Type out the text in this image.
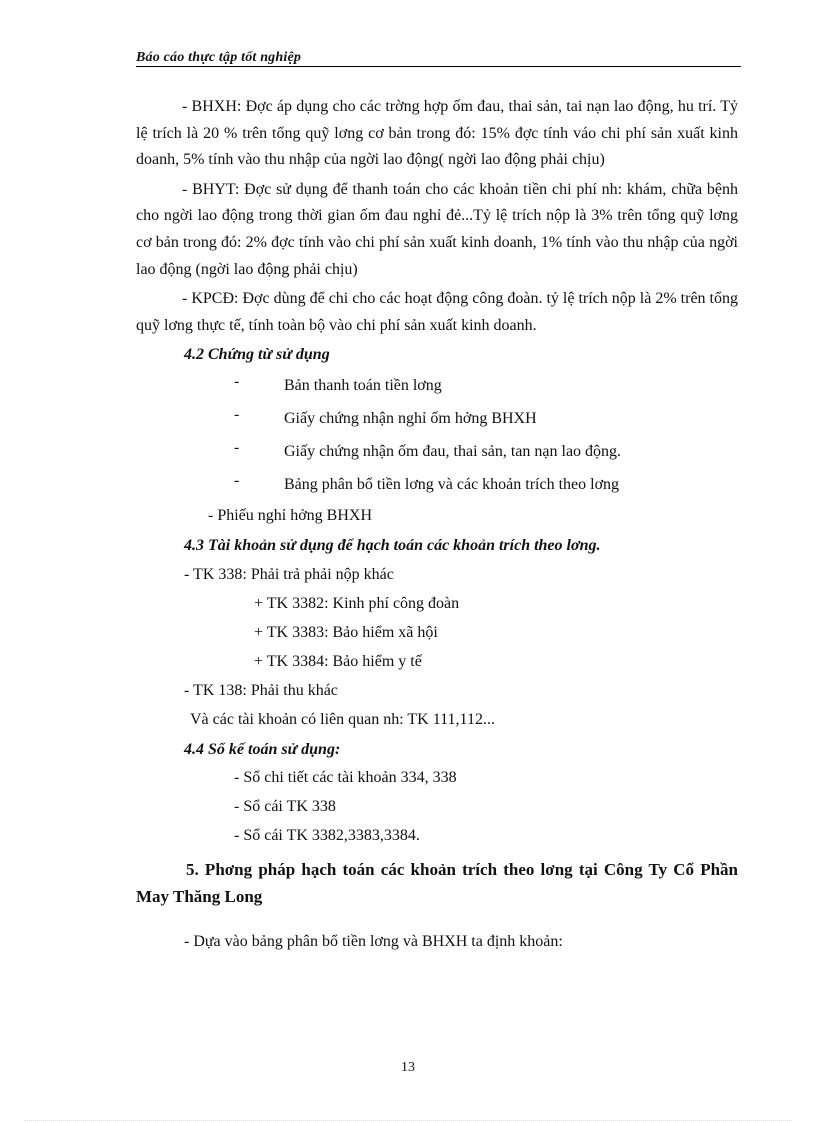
Báo cáo thực tập tốt nghiệp

- BHXH: Đợc áp dụng cho các trờng hợp ốm đau, thai sản, tai nạn lao động, hu trí. Tỷ lệ trích là 20 % trên tổng quỹ lơng cơ bản trong đó: 15% đợc tính váo chi phí sản xuất kinh doanh, 5% tính vào thu nhập của ngời lao động( ngời lao động phải chịu)

- BHYT: Đợc sử dụng để thanh toán cho các khoản tiền chi phí nh: khám, chữa bệnh cho ngời lao động trong thời gian ốm đau nghỉ đẻ...Tỷ lệ trích nộp là 3% trên tổng quỹ lơng cơ bản trong đó: 2% đợc tính vào chi phí sản xuất kinh doanh, 1% tính vào thu nhập của ngời lao động (ngời lao động phải chịu)

- KPCĐ: Đợc dùng để chi cho các hoạt động công đoàn. tỷ lệ trích nộp là 2% trên tổng quỹ lơng thực tế, tính toàn bộ vào chi phí sản xuất kinh doanh.

4.2 Chứng từ sử dụng
-	Bản thanh toán tiền lơng
-	Giấy chứng nhận nghỉ ốm hởng BHXH
-	Giấy chứng nhận ốm đau, thai sản, tan nạn lao động.
-	Bảng phân bổ tiền lơng và các khoản trích theo lơng
- Phiếu nghỉ hởng BHXH
4.3 Tài khoản sử dụng để hạch toán các khoản trích theo lơng.
- TK 338: Phải trả phải nộp khác
+ TK 3382: Kinh phí công đoàn
+ TK 3383: Bảo hiểm xã hội
+ TK 3384: Bảo hiểm y tế
- TK 138: Phải thu khác
Và các tài khoản có liên quan nh: TK 111,112...
4.4 Sổ kế toán sử dụng:
- Sổ chi tiết các tài khoản 334, 338
- Sổ cái TK 338
- Sổ cái TK 3382,3383,3384.

5. Phơng pháp hạch toán các khoản trích theo lơng tại Công Ty Cổ Phần May Thăng Long

- Dựa vào bảng phân bổ tiền lơng và BHXH ta định khoản:
13
